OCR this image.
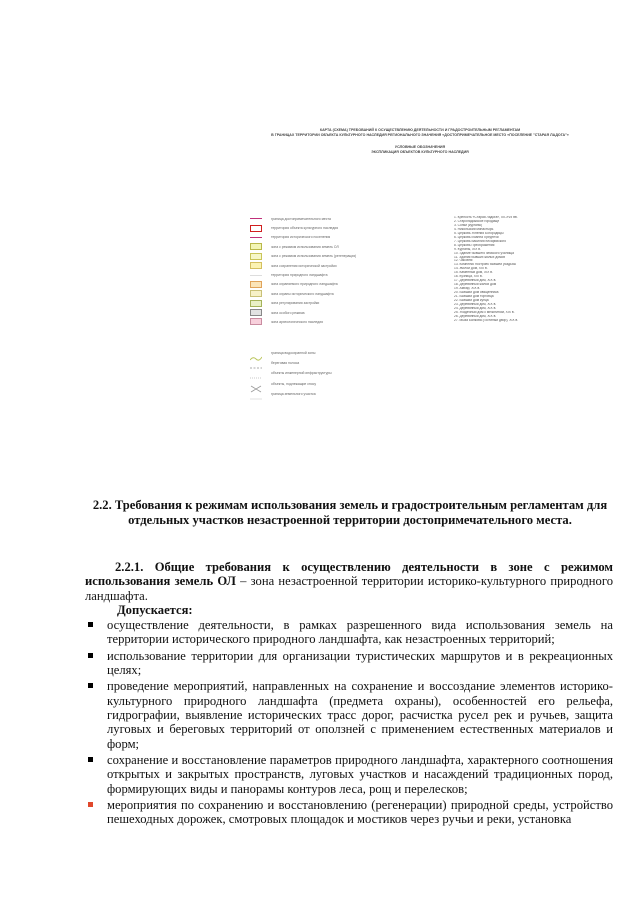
КАРТА (СХЕМА) ТРЕБОВАНИЙ К ОСУЩЕСТВЛЕНИЮ ДЕЯТЕЛЬНОСТИ И ГРАДОСТРОИТЕЛЬНЫМ РЕГЛАМЕНТАМ
В ГРАНИЦАХ ТЕРРИТОРИИ ОБЪЕКТА КУЛЬТУРНОГО НАСЛЕДИЯ РЕГИОНАЛЬНОГО ЗНАЧЕНИЯ «ДОСТОПРИМЕЧАТЕЛЬНОЕ МЕСТО «ПОСЕЛЕНИЕ "СТАРАЯ ЛАДОГА"»
УСЛОВНЫЕ ОБОЗНАЧЕНИЯ
ЭКСПЛИКАЦИЯ ОБЪЕКТОВ КУЛЬТУРНОГО НАСЛЕДИЯ
граница достопримечательного места
территория объекта культурного наследия
территория исторического поселения
зона с режимом использования земель ОЛ
зона с режимом использования земель (регенерация)
зона сохранения исторической застройки
территория природного ландшафта
зона охраняемого природного ландшафта
зона охраны исторического ландшафта
зона регулирования застройки
зона особого режима
зона археологического наследия
граница водоохранной зоны
береговая полоса
объекты инженерной инфраструктуры
объекты, подлежащие сносу
граница земельного участка
1. Крепость «Старая Ладога», XII-XVII вв.
2. Староладожское городище
3. Сопки (курганы)
4. Никольский монастырь
5. Церковь Успения Богородицы
6. Церковь Иоанна Предтечи
7. Церковь Василия Кесарийского
8. Церковь Преображения
9. Курганы, XIX в.
10. Здание бывшего земского училища
11. Здания бывших жилых домов
12. Часовня
13. Комплекс построек бывшей усадьбы
14. Жилой дом, XIX в.
15. Каменный дом, XIX в.
16. Кузница, XIX в.
17. Деревянный дом, XIX в.
18. Деревянный жилой дом
19. Амбар, XIX в.
20. Бывший дом священника
21. Бывший дом торговца
22. Бывший дом купца
23. Деревянный дом, XIX в.
24. Деревянный дом, XIX в.
25. Усадебный дом с мезонином, XIX в.
26. Деревянный дом, XIX в.
27. Мыза Балкова (Гостиный двор), XIX в.
2.2. Требования к режимам использования земель и градостроительным регламентам для отдельных участков незастроенной территории достопримечательного места.
2.2.1. Общие требования к осуществлению деятельности в зоне с режимом использования земель ОЛ – зона незастроенной территории историко-культурного природного ландшафта.
Допускается:
осуществление деятельности, в рамках разрешенного вида использования земель на территории исторического природного ландшафта, как незастроенных территорий;
использование территории для организации туристических маршрутов и в рекреационных целях;
проведение мероприятий, направленных на сохранение и воссоздание элементов историко-культурного природного ландшафта (предмета охраны), особенностей его рельефа, гидрографии, выявление исторических трасс дорог, расчистка русел рек и ручьев, защита луговых и береговых территорий от оползней с применением естественных материалов и форм;
сохранение и восстановление параметров природного ландшафта, характерного соотношения открытых и закрытых пространств, луговых участков и насаждений традиционных пород, формирующих виды и панорамы контуров леса, рощ и перелесков;
мероприятия по сохранению и восстановлению (регенерации) природной среды, устройство пешеходных дорожек, смотровых площадок и мостиков через ручьи и реки, установка
